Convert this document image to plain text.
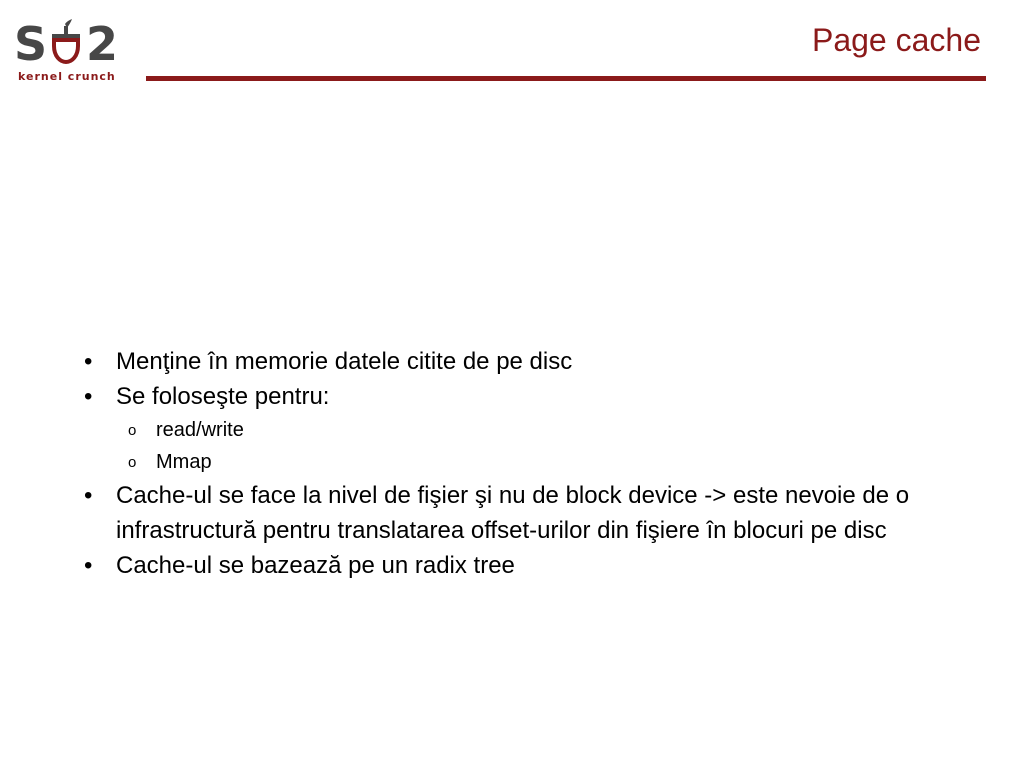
S 2
kernel crunch
Page cache
• Menţine în memorie datele citite de pe disc
• Se foloseşte pentru:
o read/write
o Mmap
• Cache-ul se face la nivel de fişier şi nu de block device -> este nevoie de o infrastructură pentru translatarea offset-urilor din fişiere în blocuri pe disc
• Cache-ul se bazează pe un radix tree
